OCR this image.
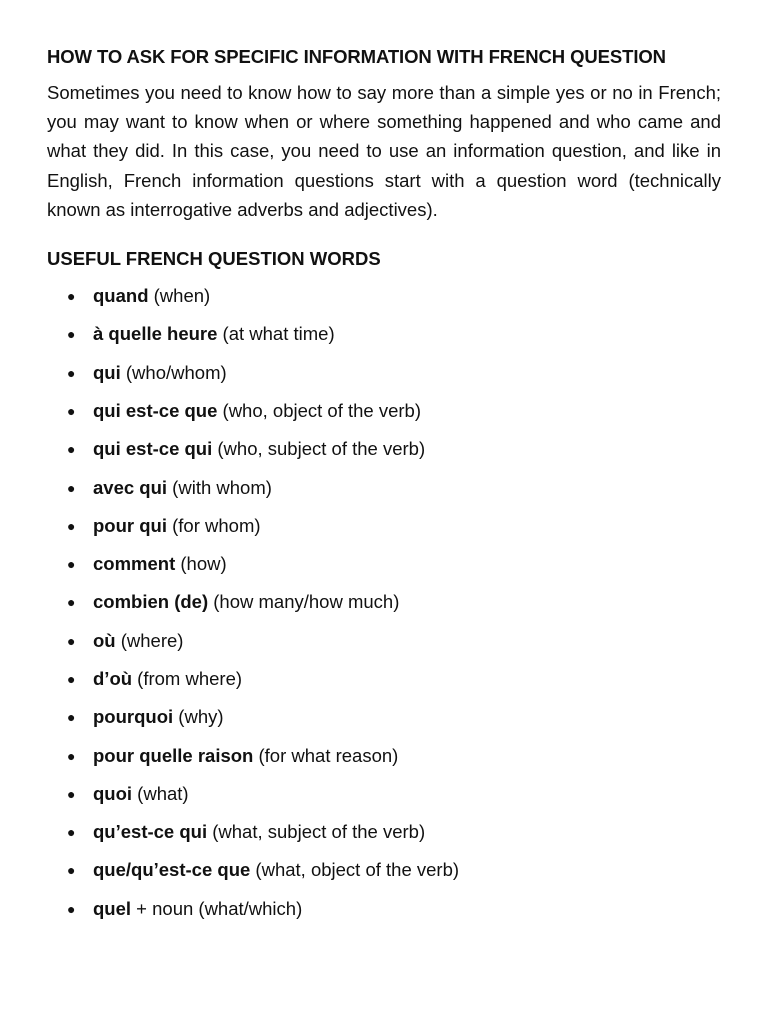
HOW TO ASK FOR SPECIFIC INFORMATION WITH FRENCH QUESTION
Sometimes you need to know how to say more than a simple yes or no in French; you may want to know when or where something happened and who came and what they did. In this case, you need to use an information question, and like in English, French information questions start with a question word (technically known as interrogative adverbs and adjectives).
USEFUL FRENCH QUESTION WORDS
● quand (when)
● à quelle heure (at what time)
● qui (who/whom)
● qui est-ce que (who, object of the verb)
● qui est-ce qui (who, subject of the verb)
● avec qui (with whom)
● pour qui (for whom)
● comment (how)
● combien (de) (how many/how much)
● où (where)
● d’où (from where)
● pourquoi (why)
● pour quelle raison (for what reason)
● quoi (what)
● qu’est-ce qui (what, subject of the verb)
● que/qu’est-ce que (what, object of the verb)
● quel + noun (what/which)
